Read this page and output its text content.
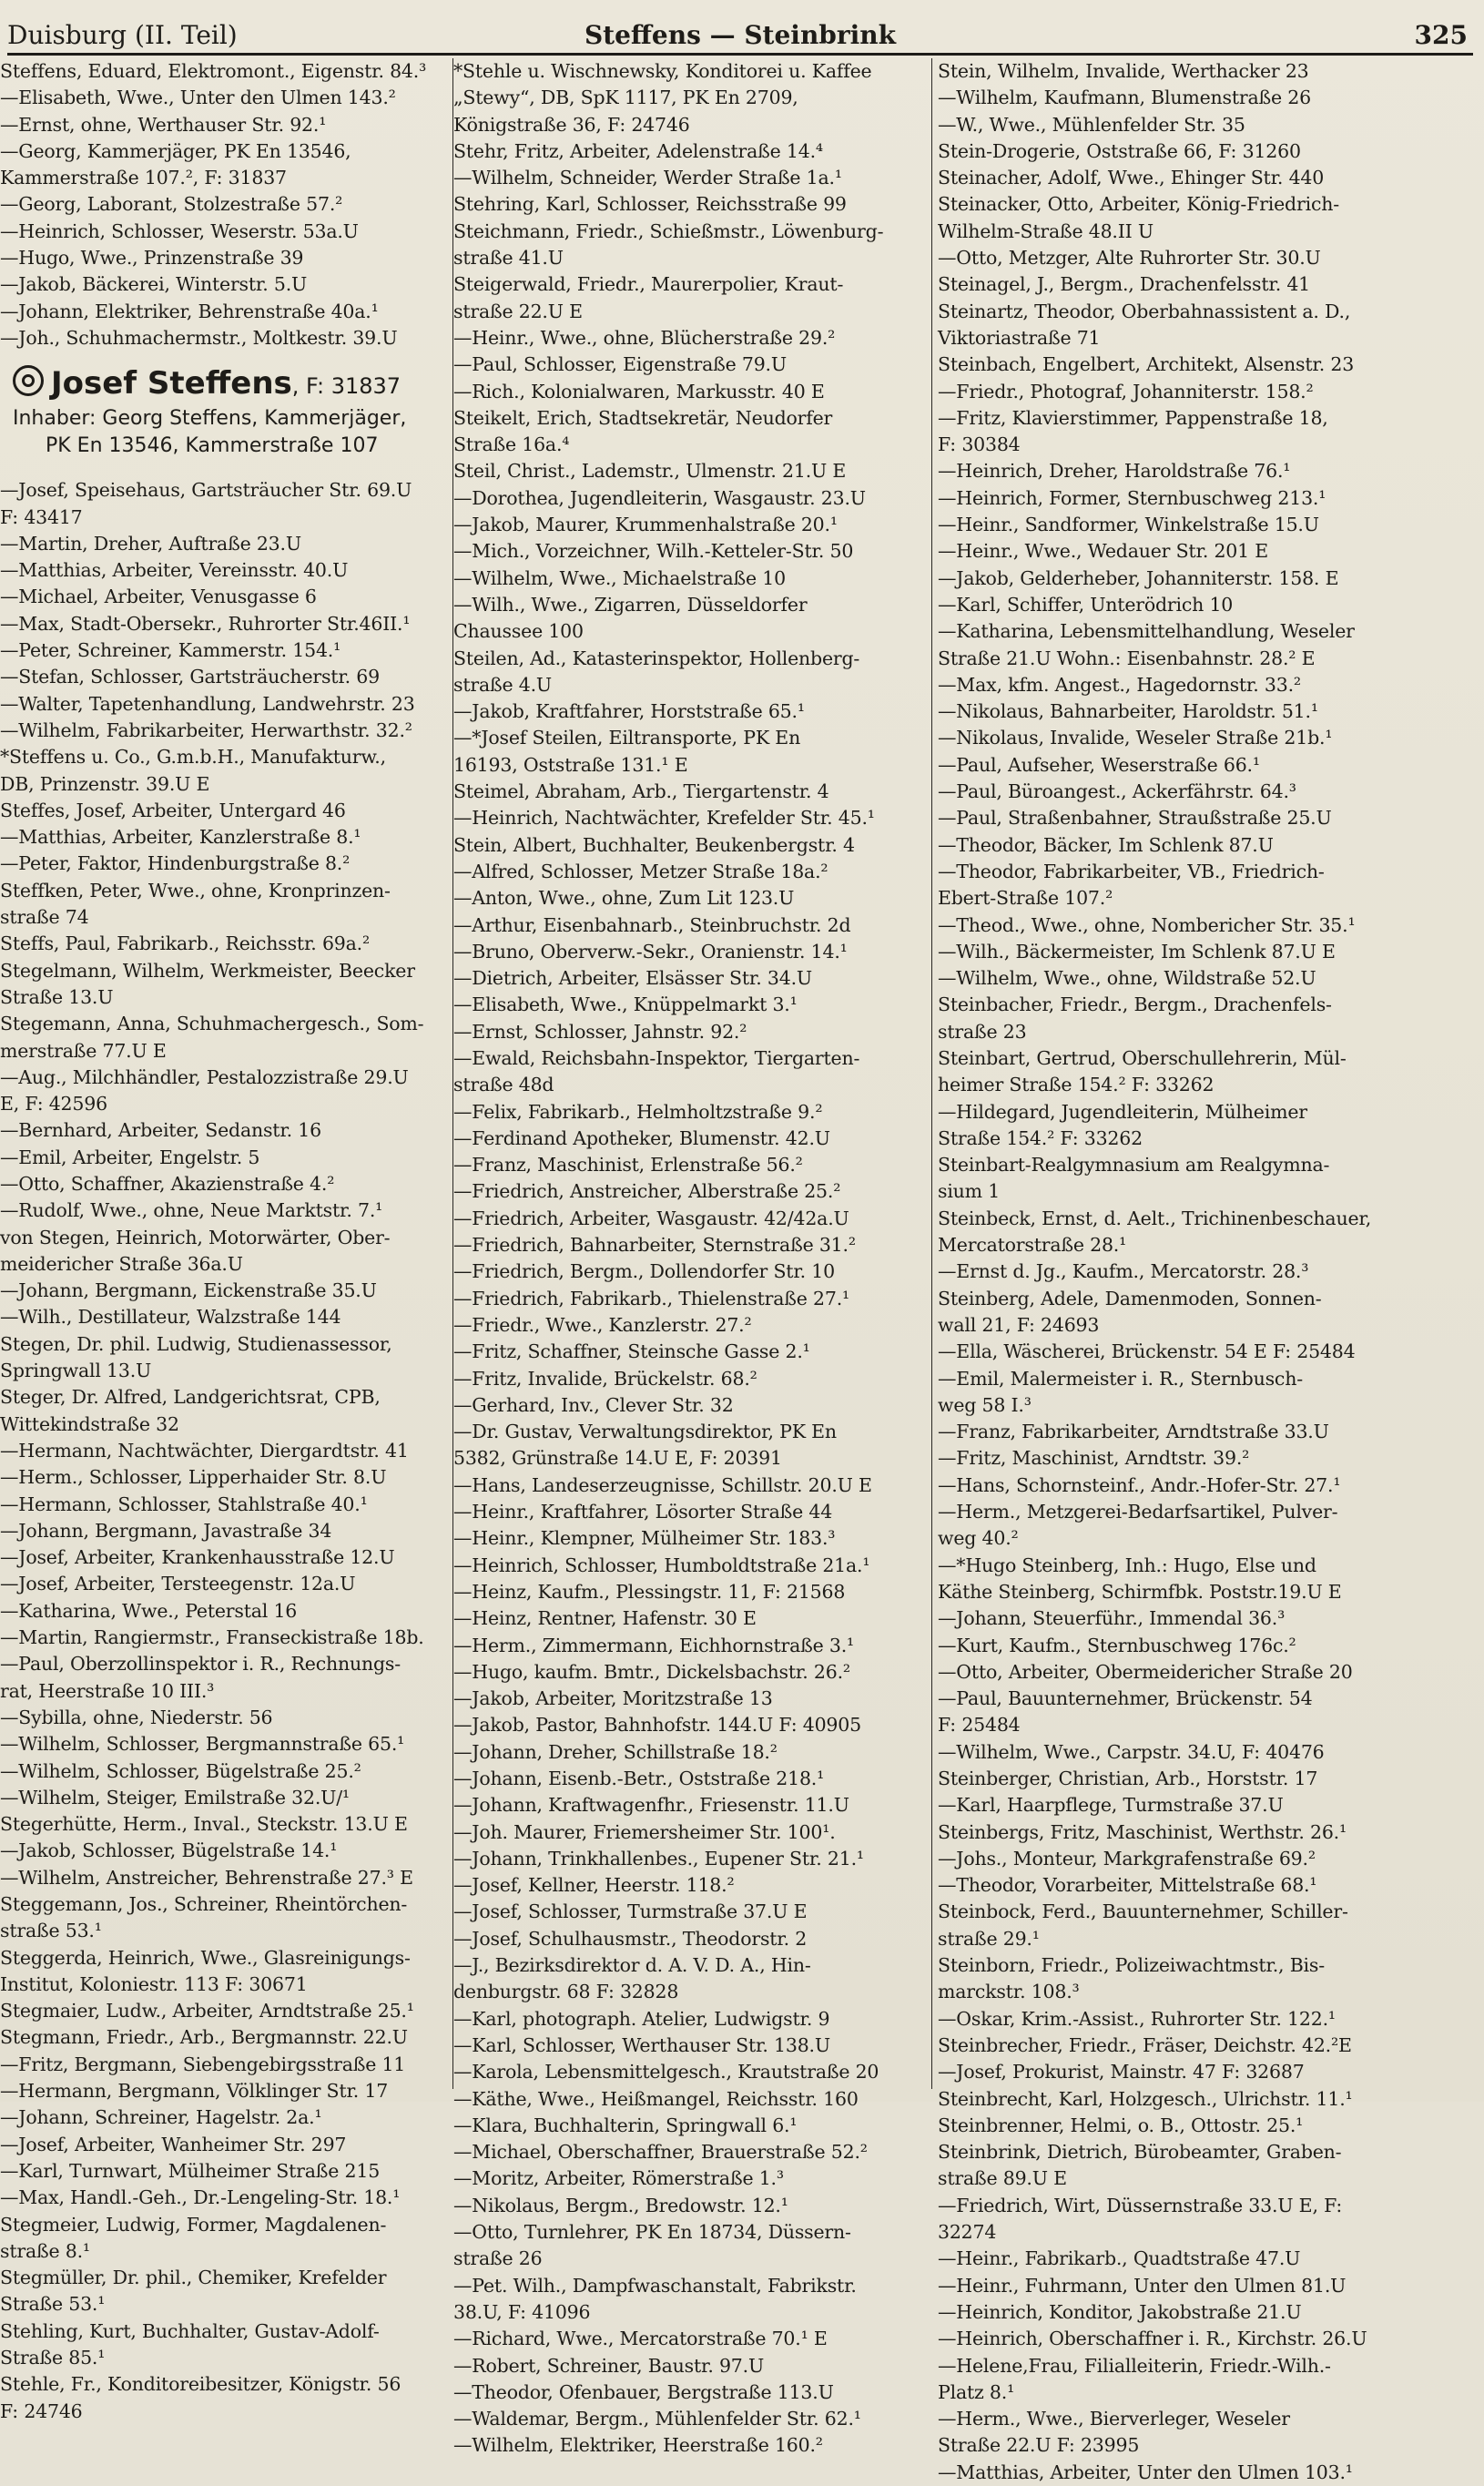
Duisburg (II. Teil)	Steffens — Steinbrink	325
Steffens, Eduard, Elektromont., Eigenstr. 84.³
—Elisabeth, Wwe., Unter den Ulmen 143.²
—Ernst, ohne, Werthauser Str. 92.¹
—Georg, Kammerjäger, PK En 13546,
Kammerstraße 107.², F: 31837
—Georg, Laborant, Stolzestraße 57.²
—Heinrich, Schlosser, Weserstr. 53a.U
—Hugo, Wwe., Prinzenstraße 39
—Jakob, Bäckerei, Winterstr. 5.U
—Johann, Elektriker, Behrenstraße 40a.¹
—Joh., Schuhmachermstr., Moltkestr. 39.U
Josef Steffens, F: 31837
Inhaber: Georg Steffens, Kammerjäger,
PK En 13546, Kammerstraße 107
—Josef, Speisehaus, Gartsträucher Str. 69.U
F: 43417
—Martin, Dreher, Auftraße 23.U
—Matthias, Arbeiter, Vereinsstr. 40.U
—Michael, Arbeiter, Venusgasse 6
—Max, Stadt-Obersekr., Ruhrorter Str.46II.¹
—Peter, Schreiner, Kammerstr. 154.¹
—Stefan, Schlosser, Gartsträucherstr. 69
—Walter, Tapetenhandlung, Landwehrstr. 23
—Wilhelm, Fabrikarbeiter, Herwarthstr. 32.²
*Steffens u. Co., G.m.b.H., Manufakturw.,
DB, Prinzenstr. 39.U E
Steffes, Josef, Arbeiter, Untergard 46
—Matthias, Arbeiter, Kanzlerstraße 8.¹
—Peter, Faktor, Hindenburgstraße 8.²
Steffken, Peter, Wwe., ohne, Kronprinzen-
straße 74
Steffs, Paul, Fabrikarb., Reichsstr. 69a.²
Stegelmann, Wilhelm, Werkmeister, Beecker
Straße 13.U
Stegemann, Anna, Schuhmachergesch., Som-
merstraße 77.U E
—Aug., Milchhändler, Pestalozzistraße 29.U
E, F: 42596
—Bernhard, Arbeiter, Sedanstr. 16
—Emil, Arbeiter, Engelstr. 5
—Otto, Schaffner, Akazienstraße 4.²
—Rudolf, Wwe., ohne, Neue Marktstr. 7.¹
von Stegen, Heinrich, Motorwärter, Ober-
meidericher Straße 36a.U
—Johann, Bergmann, Eickenstraße 35.U
—Wilh., Destillateur, Walzstraße 144
Stegen, Dr. phil. Ludwig, Studienassessor,
Springwall 13.U
Steger, Dr. Alfred, Landgerichtsrat, CPB,
Wittekindstraße 32
—Hermann, Nachtwächter, Diergardtstr. 41
—Herm., Schlosser, Lipperhaider Str. 8.U
—Hermann, Schlosser, Stahlstraße 40.¹
—Johann, Bergmann, Javastraße 34
—Josef, Arbeiter, Krankenhausstraße 12.U
—Josef, Arbeiter, Tersteegenstr. 12a.U
—Katharina, Wwe., Peterstal 16
—Martin, Rangiermstr., Franseckistraße 18b.
—Paul, Oberzollinspektor i. R., Rechnungs-
rat, Heerstraße 10 III.³
—Sybilla, ohne, Niederstr. 56
—Wilhelm, Schlosser, Bergmannstraße 65.¹
—Wilhelm, Schlosser, Bügelstraße 25.²
—Wilhelm, Steiger, Emilstraße 32.U/¹
Stegerhütte, Herm., Inval., Steckstr. 13.U E
—Jakob, Schlosser, Bügelstraße 14.¹
—Wilhelm, Anstreicher, Behrenstraße 27.³ E
Steggemann, Jos., Schreiner, Rheintörchen-
straße 53.¹
Steggerda, Heinrich, Wwe., Glasreinigungs-
Institut, Koloniestr. 113 F: 30671
Stegmaier, Ludw., Arbeiter, Arndtstraße 25.¹
Stegmann, Friedr., Arb., Bergmannstr. 22.U
—Fritz, Bergmann, Siebengebirgsstraße 11
—Hermann, Bergmann, Völklinger Str. 17
—Johann, Schreiner, Hagelstr. 2a.¹
—Josef, Arbeiter, Wanheimer Str. 297
—Karl, Turnwart, Mülheimer Straße 215
—Max, Handl.-Geh., Dr.-Lengeling-Str. 18.¹
Stegmeier, Ludwig, Former, Magdalenen-
straße 8.¹
Stegmüller, Dr. phil., Chemiker, Krefelder
Straße 53.¹
Stehling, Kurt, Buchhalter, Gustav-Adolf-
Straße 85.¹
Stehle, Fr., Konditoreibesitzer, Königstr. 56
F: 24746
*Stehle u. Wischnewsky, Konditorei u. Kaffee
„Stewy“, DB, SpK 1117, PK En 2709,
Königstraße 36, F: 24746
Stehr, Fritz, Arbeiter, Adelenstraße 14.⁴
—Wilhelm, Schneider, Werder Straße 1a.¹
Stehring, Karl, Schlosser, Reichsstraße 99
Steichmann, Friedr., Schießmstr., Löwenburg-
straße 41.U
Steigerwald, Friedr., Maurerpolier, Kraut-
straße 22.U E
—Heinr., Wwe., ohne, Blücherstraße 29.²
—Paul, Schlosser, Eigenstraße 79.U
—Rich., Kolonialwaren, Markusstr. 40 E
Steikelt, Erich, Stadtsekretär, Neudorfer
Straße 16a.⁴
Steil, Christ., Lademstr., Ulmenstr. 21.U E
—Dorothea, Jugendleiterin, Wasgaustr. 23.U
—Jakob, Maurer, Krummenhalstraße 20.¹
—Mich., Vorzeichner, Wilh.-Ketteler-Str. 50
—Wilhelm, Wwe., Michaelstraße 10
—Wilh., Wwe., Zigarren, Düsseldorfer
Chaussee 100
Steilen, Ad., Katasterinspektor, Hollenberg-
straße 4.U
—Jakob, Kraftfahrer, Horststraße 65.¹
—*Josef Steilen, Eiltransporte, PK En
16193, Oststraße 131.¹ E
Steimel, Abraham, Arb., Tiergartenstr. 4
—Heinrich, Nachtwächter, Krefelder Str. 45.¹
Stein, Albert, Buchhalter, Beukenbergstr. 4
—Alfred, Schlosser, Metzer Straße 18a.²
—Anton, Wwe., ohne, Zum Lit 123.U
—Arthur, Eisenbahnarb., Steinbruchstr. 2d
—Bruno, Oberverw.-Sekr., Oranienstr. 14.¹
—Dietrich, Arbeiter, Elsässer Str. 34.U
—Elisabeth, Wwe., Knüppelmarkt 3.¹
—Ernst, Schlosser, Jahnstr. 92.²
—Ewald, Reichsbahn-Inspektor, Tiergarten-
straße 48d
—Felix, Fabrikarb., Helmholtzstraße 9.²
—Ferdinand Apotheker, Blumenstr. 42.U
—Franz, Maschinist, Erlenstraße 56.²
—Friedrich, Anstreicher, Alberstraße 25.²
—Friedrich, Arbeiter, Wasgaustr. 42/42a.U
—Friedrich, Bahnarbeiter, Sternstraße 31.²
—Friedrich, Bergm., Dollendorfer Str. 10
—Friedrich, Fabrikarb., Thielenstraße 27.¹
—Friedr., Wwe., Kanzlerstr. 27.²
—Fritz, Schaffner, Steinsche Gasse 2.¹
—Fritz, Invalide, Brückelstr. 68.²
—Gerhard, Inv., Clever Str. 32
—Dr. Gustav, Verwaltungsdirektor, PK En
5382, Grünstraße 14.U E, F: 20391
—Hans, Landeserzeugnisse, Schillstr. 20.U E
—Heinr., Kraftfahrer, Lösorter Straße 44
—Heinr., Klempner, Mülheimer Str. 183.³
—Heinrich, Schlosser, Humboldtstraße 21a.¹
—Heinz, Kaufm., Plessingstr. 11, F: 21568
—Heinz, Rentner, Hafenstr. 30 E
—Herm., Zimmermann, Eichhornstraße 3.¹
—Hugo, kaufm. Bmtr., Dickelsbachstr. 26.²
—Jakob, Arbeiter, Moritzstraße 13
—Jakob, Pastor, Bahnhofstr. 144.U F: 40905
—Johann, Dreher, Schillstraße 18.²
—Johann, Eisenb.-Betr., Oststraße 218.¹
—Johann, Kraftwagenfhr., Friesenstr. 11.U
—Joh. Maurer, Friemersheimer Str. 100¹.
—Johann, Trinkhallenbes., Eupener Str. 21.¹
—Josef, Kellner, Heerstr. 118.²
—Josef, Schlosser, Turmstraße 37.U E
—Josef, Schulhausmstr., Theodorstr. 2
—J., Bezirksdirektor d. A. V. D. A., Hin-
denburgstr. 68 F: 32828
—Karl, photograph. Atelier, Ludwigstr. 9
—Karl, Schlosser, Werthauser Str. 138.U
—Karola, Lebensmittelgesch., Krautstraße 20
—Käthe, Wwe., Heißmangel, Reichsstr. 160
—Klara, Buchhalterin, Springwall 6.¹
—Michael, Oberschaffner, Brauerstraße 52.²
—Moritz, Arbeiter, Römerstraße 1.³
—Nikolaus, Bergm., Bredowstr. 12.¹
—Otto, Turnlehrer, PK En 18734, Düssern-
straße 26
—Pet. Wilh., Dampfwaschanstalt, Fabrikstr.
38.U, F: 41096
—Richard, Wwe., Mercatorstraße 70.¹ E
—Robert, Schreiner, Baustr. 97.U
—Theodor, Ofenbauer, Bergstraße 113.U
—Waldemar, Bergm., Mühlenfelder Str. 62.¹
—Wilhelm, Elektriker, Heerstraße 160.²
Stein, Wilhelm, Invalide, Werthacker 23
—Wilhelm, Kaufmann, Blumenstraße 26
—W., Wwe., Mühlenfelder Str. 35
Stein-Drogerie, Oststraße 66, F: 31260
Steinacher, Adolf, Wwe., Ehinger Str. 440
Steinacker, Otto, Arbeiter, König-Friedrich-
Wilhelm-Straße 48.II U
—Otto, Metzger, Alte Ruhrorter Str. 30.U
Steinagel, J., Bergm., Drachenfelsstr. 41
Steinartz, Theodor, Oberbahnassistent a. D.,
Viktoriastraße 71
Steinbach, Engelbert, Architekt, Alsenstr. 23
—Friedr., Photograf, Johanniterstr. 158.²
—Fritz, Klavierstimmer, Pappenstraße 18,
F: 30384
—Heinrich, Dreher, Haroldstraße 76.¹
—Heinrich, Former, Sternbuschweg 213.¹
—Heinr., Sandformer, Winkelstraße 15.U
—Heinr., Wwe., Wedauer Str. 201 E
—Jakob, Gelderheber, Johanniterstr. 158. E
—Karl, Schiffer, Unterödrich 10
—Katharina, Lebensmittelhandlung, Weseler
Straße 21.U Wohn.: Eisenbahnstr. 28.² E
—Max, kfm. Angest., Hagedornstr. 33.²
—Nikolaus, Bahnarbeiter, Haroldstr. 51.¹
—Nikolaus, Invalide, Weseler Straße 21b.¹
—Paul, Aufseher, Weserstraße 66.¹
—Paul, Büroangest., Ackerfährstr. 64.³
—Paul, Straßenbahner, Straußstraße 25.U
—Theodor, Bäcker, Im Schlenk 87.U
—Theodor, Fabrikarbeiter, VB., Friedrich-
Ebert-Straße 107.²
—Theod., Wwe., ohne, Nombericher Str. 35.¹
—Wilh., Bäckermeister, Im Schlenk 87.U E
—Wilhelm, Wwe., ohne, Wildstraße 52.U
Steinbacher, Friedr., Bergm., Drachenfels-
straße 23
Steinbart, Gertrud, Oberschullehrerin, Mül-
heimer Straße 154.² F: 33262
—Hildegard, Jugendleiterin, Mülheimer
Straße 154.² F: 33262
Steinbart-Realgymnasium am Realgymna-
sium 1
Steinbeck, Ernst, d. Aelt., Trichinenbeschauer,
Mercatorstraße 28.¹
—Ernst d. Jg., Kaufm., Mercatorstr. 28.³
Steinberg, Adele, Damenmoden, Sonnen-
wall 21, F: 24693
—Ella, Wäscherei, Brückenstr. 54 E F: 25484
—Emil, Malermeister i. R., Sternbusch-
weg 58 I.³
—Franz, Fabrikarbeiter, Arndtstraße 33.U
—Fritz, Maschinist, Arndtstr. 39.²
—Hans, Schornsteinf., Andr.-Hofer-Str. 27.¹
—Herm., Metzgerei-Bedarfsartikel, Pulver-
weg 40.²
—*Hugo Steinberg, Inh.: Hugo, Else und
Käthe Steinberg, Schirmfbk. Poststr.19.U E
—Johann, Steuerführ., Immendal 36.³
—Kurt, Kaufm., Sternbuschweg 176c.²
—Otto, Arbeiter, Obermeidericher Straße 20
—Paul, Bauunternehmer, Brückenstr. 54
F: 25484
—Wilhelm, Wwe., Carpstr. 34.U, F: 40476
Steinberger, Christian, Arb., Horststr. 17
—Karl, Haarpflege, Turmstraße 37.U
Steinbergs, Fritz, Maschinist, Werthstr. 26.¹
—Johs., Monteur, Markgrafenstraße 69.²
—Theodor, Vorarbeiter, Mittelstraße 68.¹
Steinbock, Ferd., Bauunternehmer, Schiller-
straße 29.¹
Steinborn, Friedr., Polizeiwachtmstr., Bis-
marckstr. 108.³
—Oskar, Krim.-Assist., Ruhrorter Str. 122.¹
Steinbrecher, Friedr., Fräser, Deichstr. 42.²E
—Josef, Prokurist, Mainstr. 47 F: 32687
Steinbrecht, Karl, Holzgesch., Ulrichstr. 11.¹
Steinbrenner, Helmi, o. B., Ottostr. 25.¹
Steinbrink, Dietrich, Bürobeamter, Graben-
straße 89.U E
—Friedrich, Wirt, Düssernstraße 33.U E, F:
32274
—Heinr., Fabrikarb., Quadtstraße 47.U
—Heinr., Fuhrmann, Unter den Ulmen 81.U
—Heinrich, Konditor, Jakobstraße 21.U
—Heinrich, Oberschaffner i. R., Kirchstr. 26.U
—Helene,Frau, Filialleiterin, Friedr.-Wilh.-
Platz 8.¹
—Herm., Wwe., Bierverleger, Weseler
Straße 22.U F: 23995
—Matthias, Arbeiter, Unter den Ulmen 103.¹
